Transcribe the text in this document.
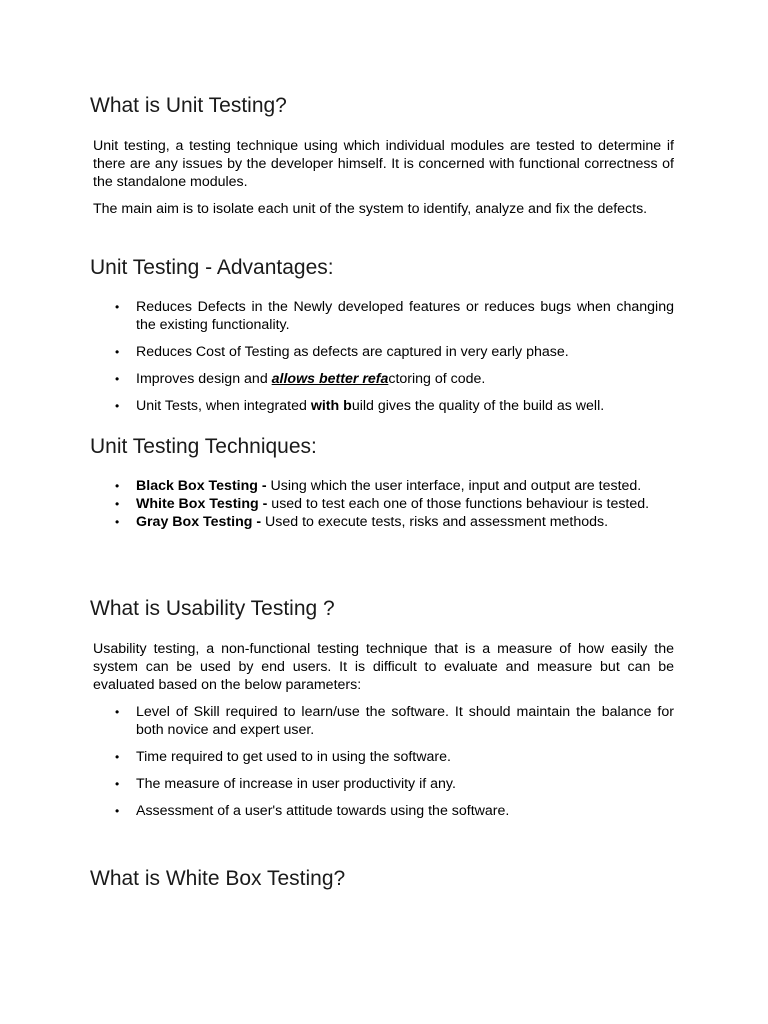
What is Unit Testing?

Unit testing, a testing technique using which individual modules are tested to determine if there are any issues by the developer himself. It is concerned with functional correctness of the standalone modules.

The main aim is to isolate each unit of the system to identify, analyze and fix the defects.

Unit Testing - Advantages:
• Reduces Defects in the Newly developed features or reduces bugs when changing the existing functionality.
• Reduces Cost of Testing as defects are captured in very early phase.
• Improves design and allows better refactoring of code.
• Unit Tests, when integrated with build gives the quality of the build as well.
Unit Testing Techniques:
• Black Box Testing - Using which the user interface, input and output are tested.
• White Box Testing - used to test each one of those functions behaviour is tested.
• Gray Box Testing - Used to execute tests, risks and assessment methods.
What is Usability Testing ?

Usability testing, a non-functional testing technique that is a measure of how easily the system can be used by end users. It is difficult to evaluate and measure but can be evaluated based on the below parameters:

• Level of Skill required to learn/use the software. It should maintain the balance for both novice and expert user.
• Time required to get used to in using the software.
• The measure of increase in user productivity if any.
• Assessment of a user's attitude towards using the software.
What is White Box Testing?
